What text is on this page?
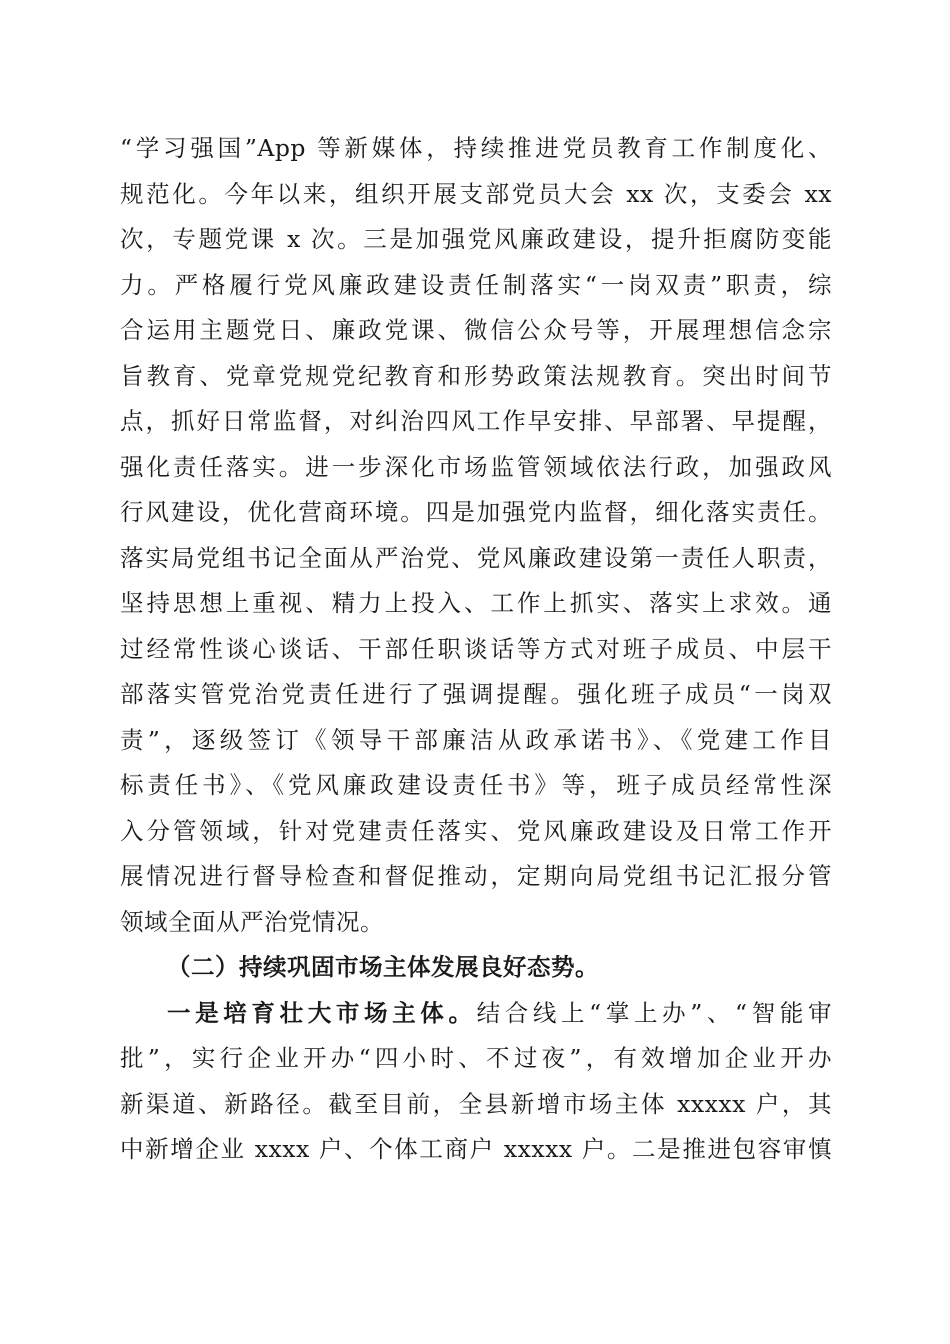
“学习强国”App 等新媒体，持续推进党员教育工作制度化、
规范化。今年以来，组织开展支部党员大会 xx 次，支委会 xx
次，专题党课 x 次。三是加强党风廉政建设，提升拒腐防变能
力。严格履行党风廉政建设责任制落实“一岗双责”职责，综
合运用主题党日、廉政党课、微信公众号等，开展理想信念宗
旨教育、党章党规党纪教育和形势政策法规教育。突出时间节
点，抓好日常监督，对纠治四风工作早安排、早部署、早提醒，
强化责任落实。进一步深化市场监管领域依法行政，加强政风
行风建设，优化营商环境。四是加强党内监督，细化落实责任。
落实局党组书记全面从严治党、党风廉政建设第一责任人职责，
坚持思想上重视、精力上投入、工作上抓实、落实上求效。通
过经常性谈心谈话、干部任职谈话等方式对班子成员、中层干
部落实管党治党责任进行了强调提醒。强化班子成员“一岗双
责”，逐级签订《领导干部廉洁从政承诺书》、《党建工作目
标责任书》、《党风廉政建设责任书》等，班子成员经常性深
入分管领域，针对党建责任落实、党风廉政建设及日常工作开
展情况进行督导检查和督促推动，定期向局党组书记汇报分管
领域全面从严治党情况。
（二）持续巩固市场主体发展良好态势。
一是培育壮大市场主体。结合线上“掌上办”、“智能审
批”，实行企业开办“四小时、不过夜”，有效增加企业开办
新渠道、新路径。截至目前，全县新增市场主体 xxxxx 户，其
中新增企业 xxxx 户、个体工商户 xxxxx 户。二是推进包容审慎
